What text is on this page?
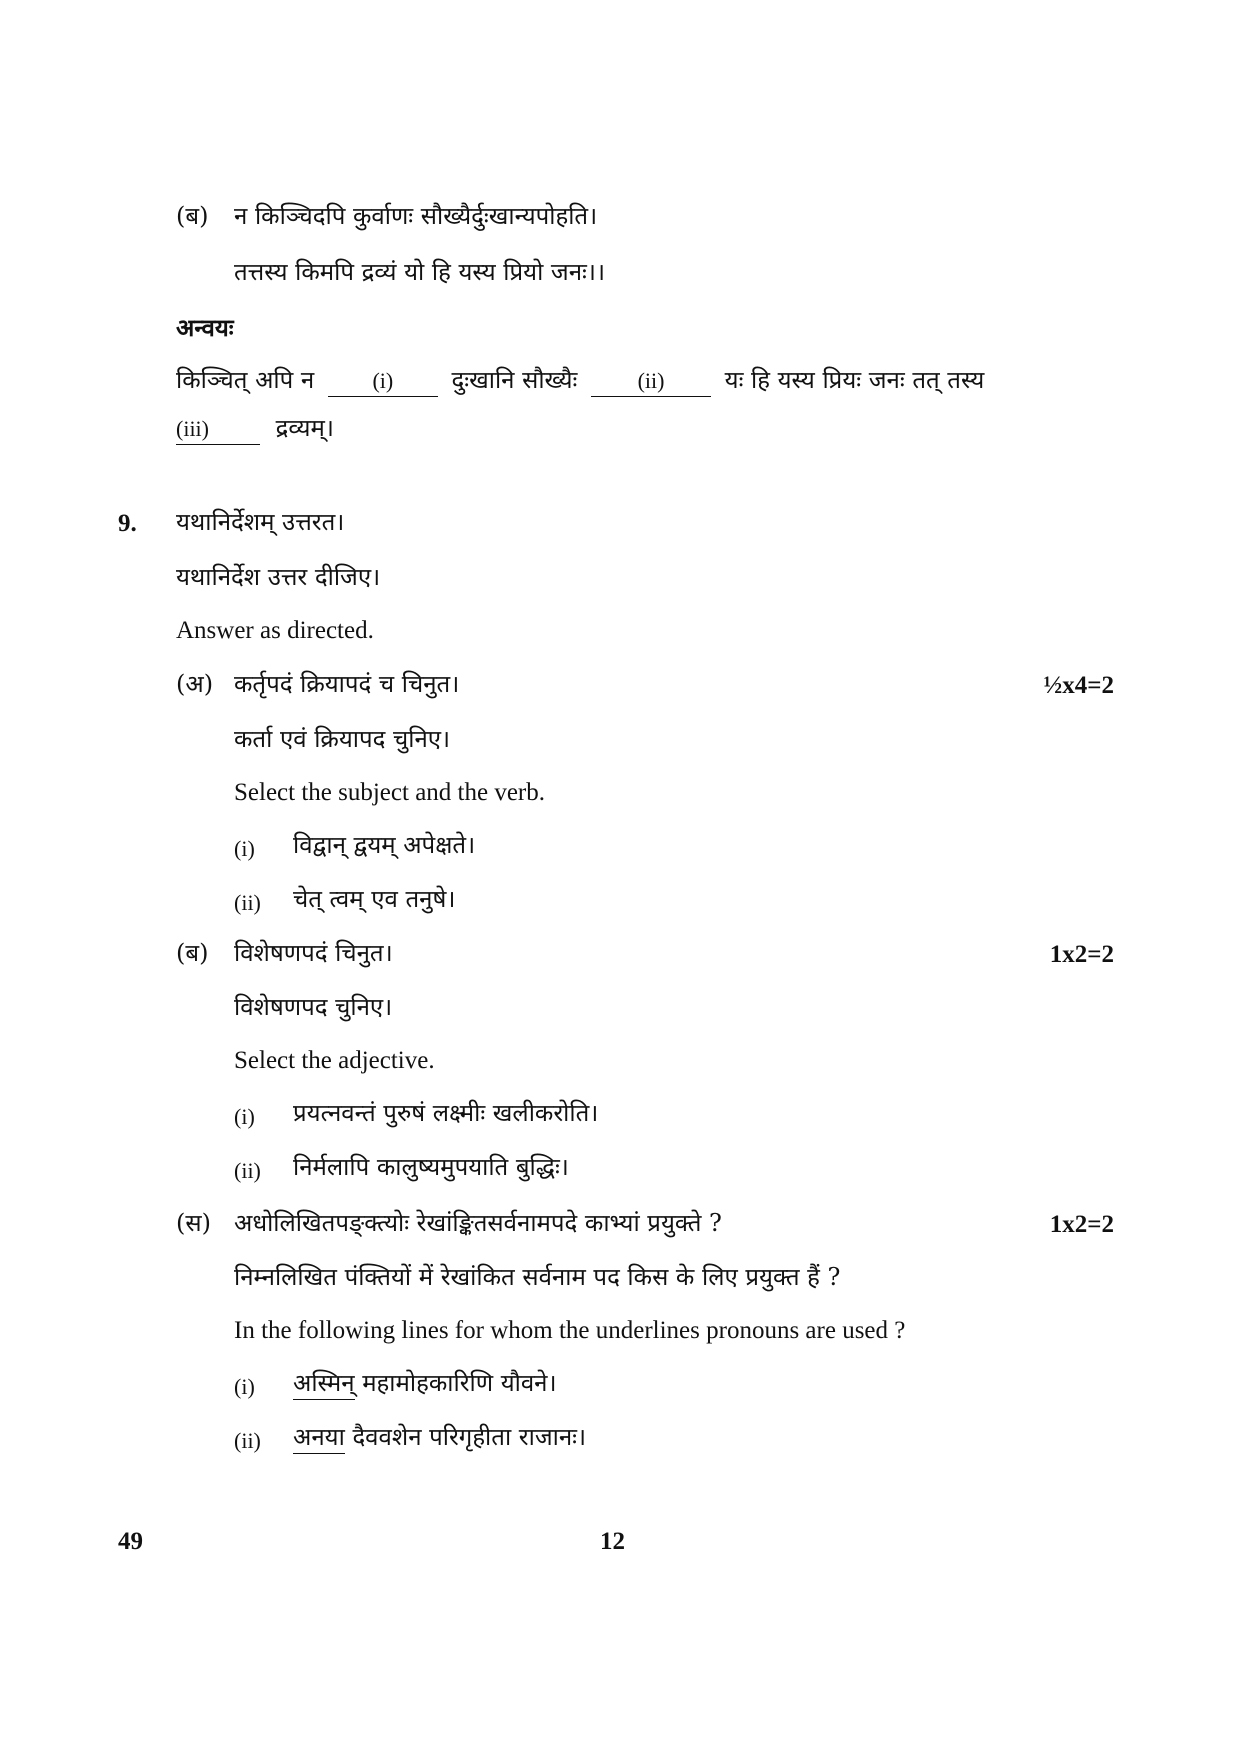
(ब) न किञ्चिदपि कुर्वाणः सौख्यैर्दुःखान्यपोहति।
तत्तस्य किमपि द्रव्यं यो हि यस्य प्रियो जनः।।
अन्वयः
किञ्चित् अपि न	(i) दुःखानि सौख्यैः	(ii)	यः हि यस्य प्रियः जनः तत् तस्य
(iii)	द्रव्यम्।
9. यथानिर्देशम् उत्तरत।
यथानिर्देश उत्तर दीजिए।
Answer as directed.
(अ) कर्तृपदं क्रियापदं च चिनुत।	½x4=2
कर्ता एवं क्रियापद चुनिए।
Select the subject and the verb.
(i) विद्वान् द्वयम् अपेक्षते।
(ii) चेत् त्वम् एव तनुषे।
(ब) विशेषणपदं चिनुत।	1x2=2
विशेषणपद चुनिए।
Select the adjective.
(i) प्रयत्नवन्तं पुरुषं लक्ष्मीः खलीकरोति।
(ii) निर्मलापि कालुष्यमुपयाति बुद्धिः।
(स) अधोलिखितपङ्क्त्योः रेखांङ्कितसर्वनामपदे काभ्यां प्रयुक्ते ?	1x2=2
निम्नलिखित पंक्तियों में रेखांकित सर्वनाम पद किस के लिए प्रयुक्त हैं ?
In the following lines for whom the underlines pronouns are used ?
(i) अस्मिन् महामोहकारिणि यौवने।
(ii) अनया दैववशेन परिगृहीता राजानः।
49	12
